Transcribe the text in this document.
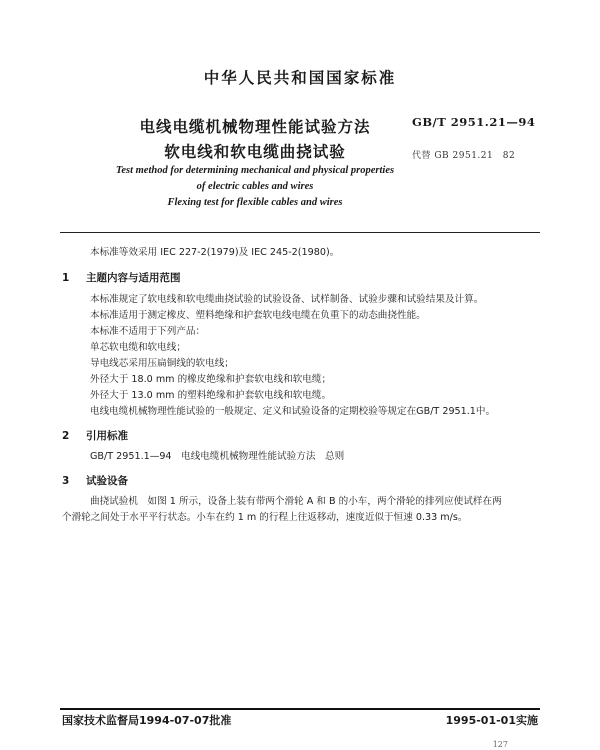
中华人民共和国国家标准
电线电缆机械物理性能试验方法
软电线和软电缆曲挠试验
GB/T 2951.21—94
代替 GB 2951.21　82
Test method for determining mechanical and physical properties
of electric cables and wires
Flexing test for flexible cables and wires
本标准等效采用 IEC 227-2(1979)及 IEC 245-2(1980)。
1 主题内容与适用范围
本标准规定了软电线和软电缆曲挠试验的试验设备、试样制备、试验步骤和试验结果及计算。
本标准适用于测定橡皮、塑料绝缘和护套软电线电缆在负重下的动态曲挠性能。
本标准不适用于下列产品：
单芯软电缆和软电线；
导电线芯采用压扁铜线的软电线；
外径大于 18.0 mm 的橡皮绝缘和护套软电线和软电缆；
外径大于 13.0 mm 的塑料绝缘和护套软电线和软电缆。
电线电缆机械物理性能试验的一般规定、定义和试验设备的定期校验等规定在GB/T 2951.1中。
2 引用标准
GB/T 2951.1—94　电线电缆机械物理性能试验方法　总则
3 试验设备
曲挠试验机　如图 1 所示，设备上装有带两个滑轮 A 和 B 的小车，两个滑轮的排列应使试样在两
个滑轮之间处于水平平行状态。小车在约 1 m 的行程上往返移动，速度近似于恒速 0.33 m/s。
国家技术监督局1994-07-07批准	1995-01-01实施
127
